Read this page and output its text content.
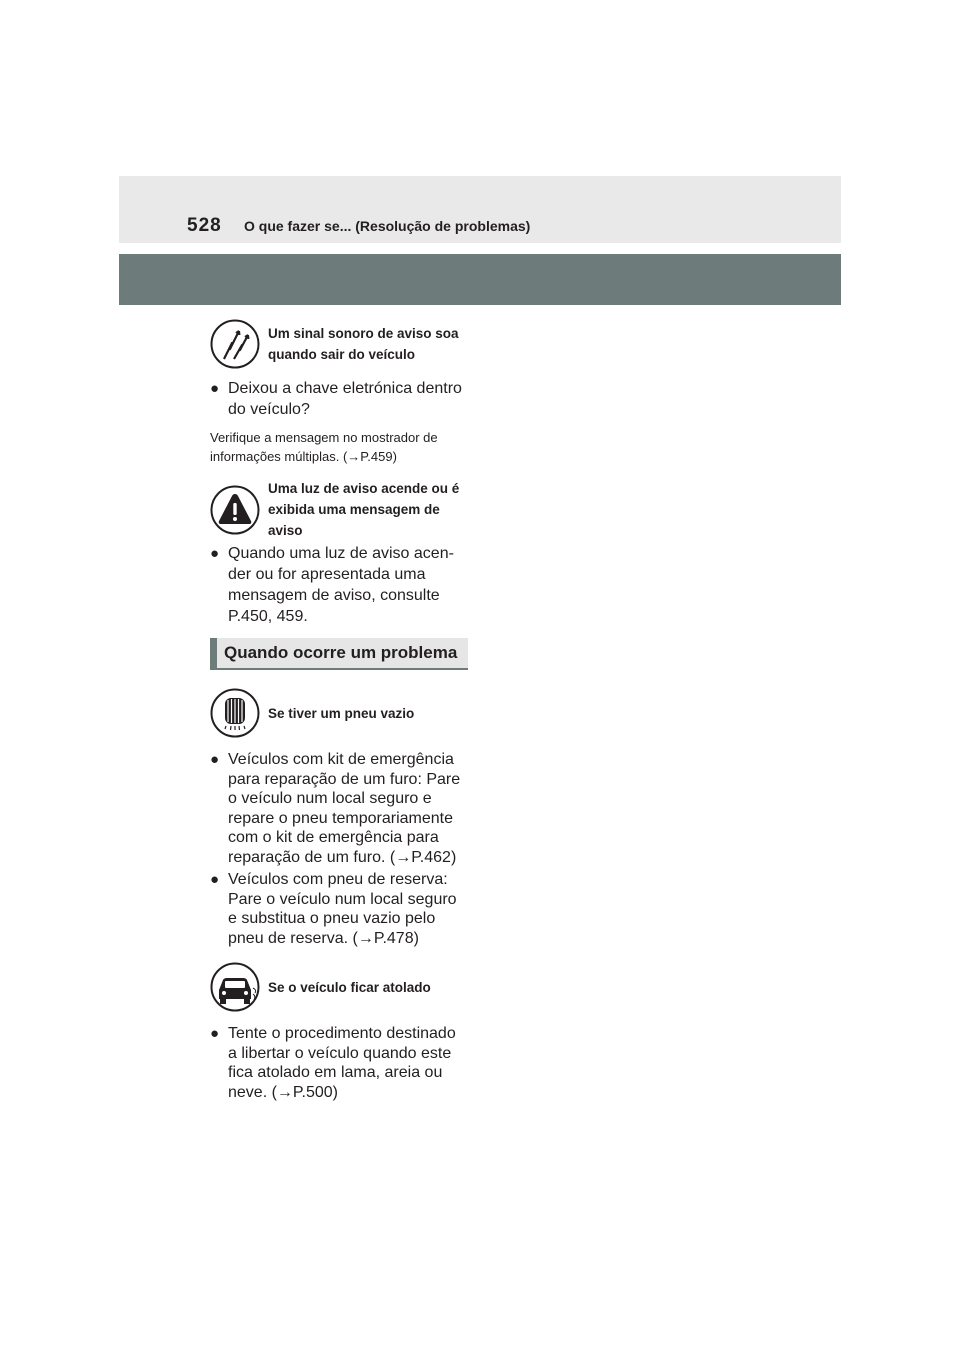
528 O que fazer se... (Resolução de problemas)
Um sinal sonoro de aviso soa
quando sair do veículo
● Deixou a chave eletrónica dentro
do veículo?
Verifique a mensagem no mostrador de
informações múltiplas. (→P.459)
Uma luz de aviso acende ou é
exibida uma mensagem de
aviso
● Quando uma luz de aviso acen-
der ou for apresentada uma
mensagem de aviso, consulte
P.450, 459.
Quando ocorre um problema
Se tiver um pneu vazio
● Veículos com kit de emergência
para reparação de um furo: Pare
o veículo num local seguro e
repare o pneu temporariamente
com o kit de emergência para
reparação de um furo. (→P.462)
● Veículos com pneu de reserva:
Pare o veículo num local seguro
e substitua o pneu vazio pelo
pneu de reserva. (→P.478)
Se o veículo ficar atolado
● Tente o procedimento destinado
a libertar o veículo quando este
fica atolado em lama, areia ou
neve. (→P.500)
